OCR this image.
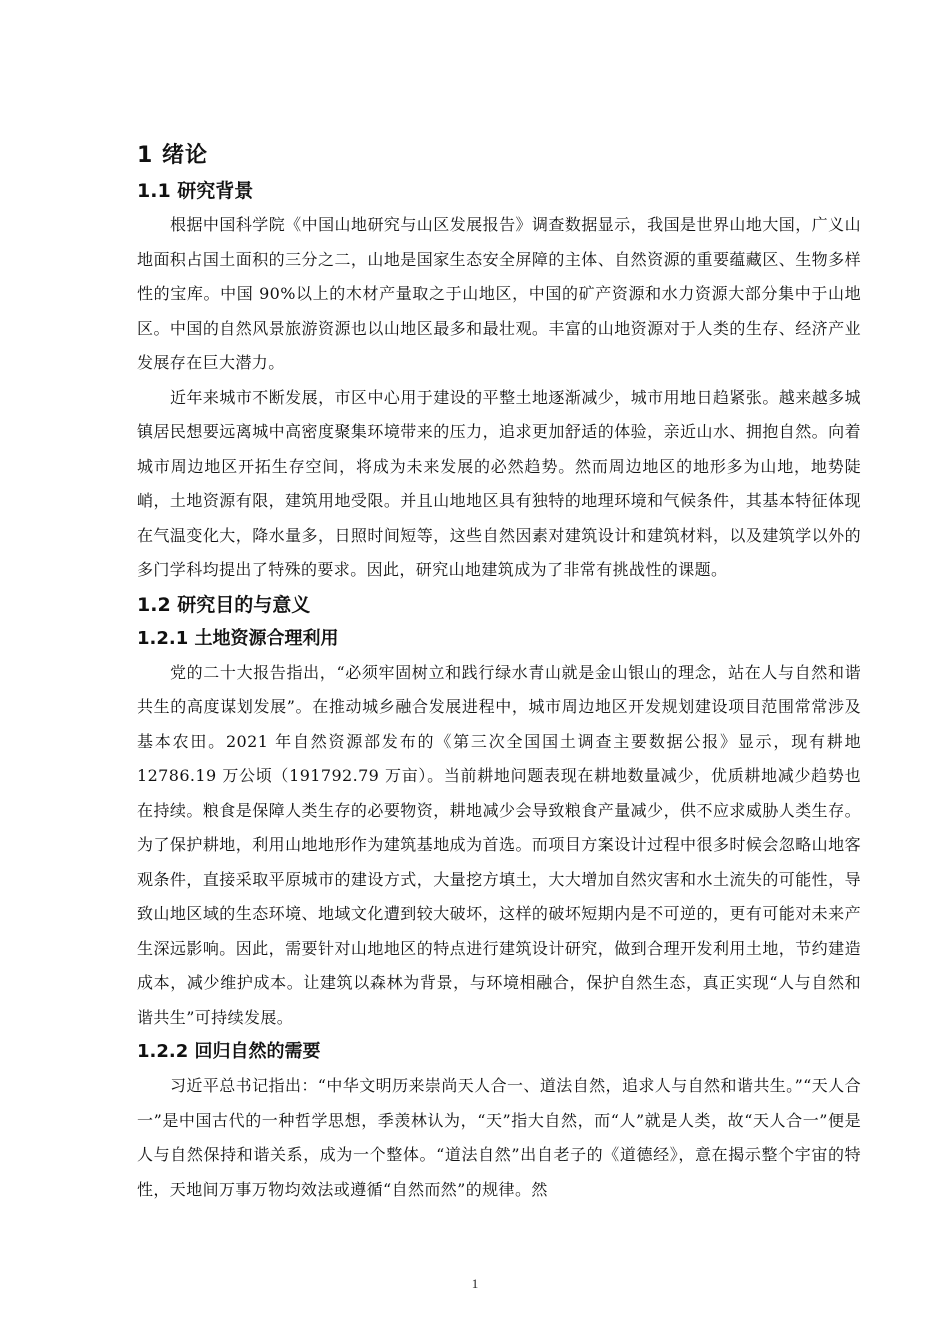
1 绪论
1.1 研究背景

根据中国科学院《中国山地研究与山区发展报告》调查数据显示，我国是世界山地大国，广义山地面积占国土面积的三分之二，山地是国家生态安全屏障的主体、自然资源的重要蕴藏区、生物多样性的宝库。中国 90%以上的木材产量取之于山地区，中国的矿产资源和水力资源大部分集中于山地区。中国的自然风景旅游资源也以山地区最多和最壮观。丰富的山地资源对于人类的生存、经济产业发展存在巨大潜力。

近年来城市不断发展，市区中心用于建设的平整土地逐渐减少，城市用地日趋紧张。越来越多城镇居民想要远离城中高密度聚集环境带来的压力，追求更加舒适的体验，亲近山水、拥抱自然。向着城市周边地区开拓生存空间，将成为未来发展的必然趋势。然而周边地区的地形多为山地，地势陡峭，土地资源有限，建筑用地受限。并且山地地区具有独特的地理环境和气候条件，其基本特征体现在气温变化大，降水量多，日照时间短等，这些自然因素对建筑设计和建筑材料，以及建筑学以外的多门学科均提出了特殊的要求。因此，研究山地建筑成为了非常有挑战性的课题。

1.2 研究目的与意义
1.2.1 土地资源合理利用

党的二十大报告指出，“必须牢固树立和践行绿水青山就是金山银山的理念，站在人与自然和谐共生的高度谋划发展”。在推动城乡融合发展进程中，城市周边地区开发规划建设项目范围常常涉及基本农田。2021 年自然资源部发布的《第三次全国国土调查主要数据公报》显示，现有耕地 12786.19 万公顷（191792.79 万亩）。当前耕地问题表现在耕地数量减少，优质耕地减少趋势也在持续。粮食是保障人类生存的必要物资，耕地减少会导致粮食产量减少，供不应求威胁人类生存。为了保护耕地，利用山地地形作为建筑基地成为首选。而项目方案设计过程中很多时候会忽略山地客观条件，直接采取平原城市的建设方式，大量挖方填土，大大增加自然灾害和水土流失的可能性，导致山地区域的生态环境、地域文化遭到较大破坏，这样的破坏短期内是不可逆的，更有可能对未来产生深远影响。因此，需要针对山地地区的特点进行建筑设计研究，做到合理开发利用土地，节约建造成本，减少维护成本。让建筑以森林为背景，与环境相融合，保护自然生态，真正实现“人与自然和谐共生”可持续发展。

1.2.2 回归自然的需要

习近平总书记指出：“中华文明历来崇尚天人合一、道法自然，追求人与自然和谐共生。”“天人合一”是中国古代的一种哲学思想，季羡林认为，“天”指大自然，而“人”就是人类，故“天人合一”便是人与自然保持和谐关系，成为一个整体。“道法自然”出自老子的《道德经》，意在揭示整个宇宙的特性，天地间万事万物均效法或遵循“自然而然”的规律。然

1
